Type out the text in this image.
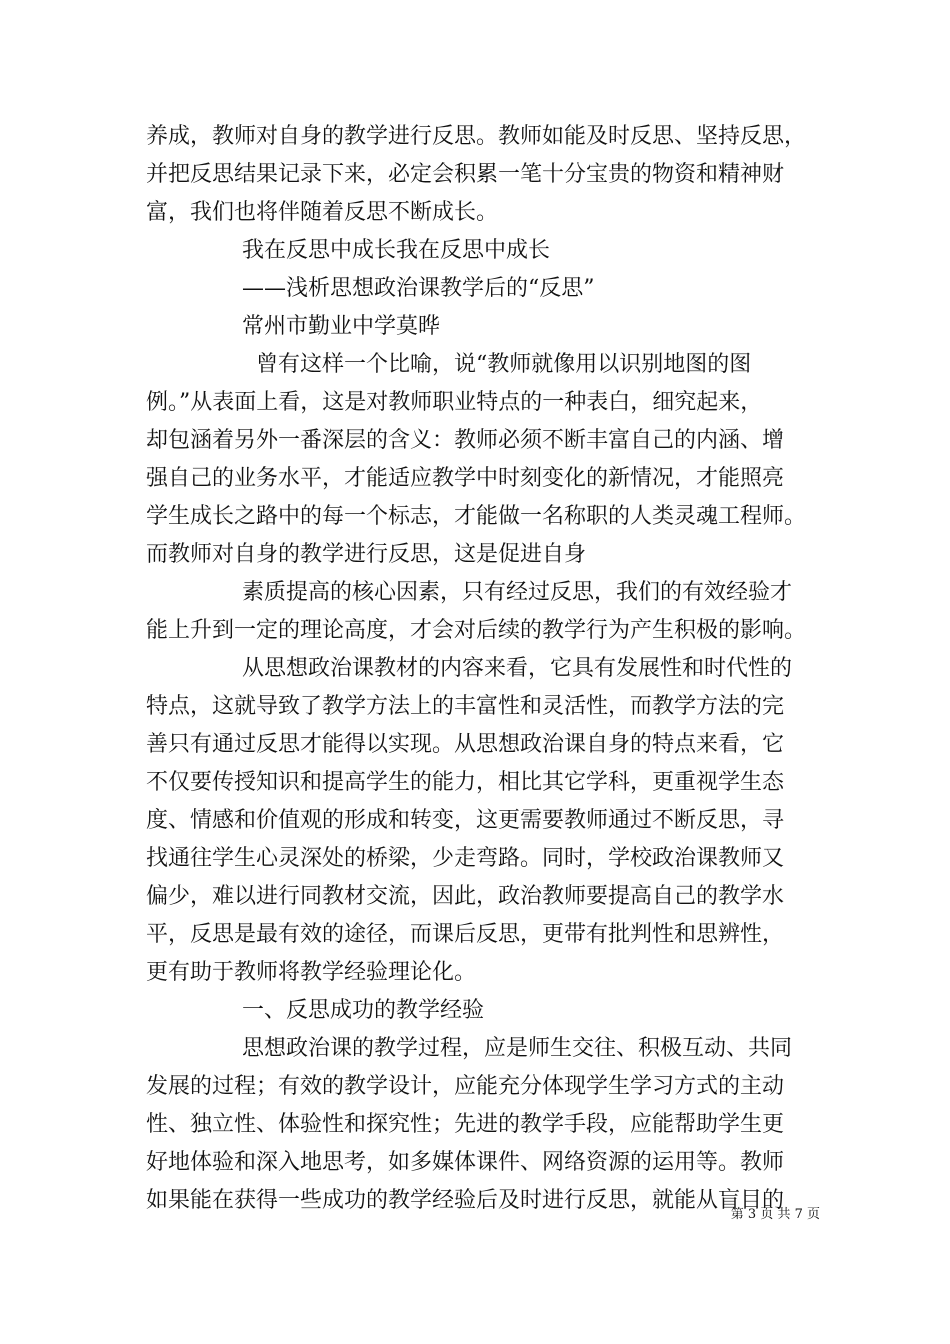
养成，教师对自身的教学进行反思。教师如能及时反思、坚持反思，
并把反思结果记录下来，必定会积累一笔十分宝贵的物资和精神财
富，我们也将伴随着反思不断成长。
我在反思中成长我在反思中成长
——浅析思想政治课教学后的“反思”
常州市勤业中学莫晔
曾有这样一个比喻，说“教师就像用以识别地图的图
例。”从表面上看，这是对教师职业特点的一种表白，细究起来，
却包涵着另外一番深层的含义：教师必须不断丰富自己的内涵、增
强自己的业务水平，才能适应教学中时刻变化的新情况，才能照亮
学生成长之路中的每一个标志，才能做一名称职的人类灵魂工程师。
而教师对自身的教学进行反思，这是促进自身
素质提高的核心因素，只有经过反思，我们的有效经验才
能上升到一定的理论高度，才会对后续的教学行为产生积极的影响。
从思想政治课教材的内容来看，它具有发展性和时代性的
特点，这就导致了教学方法上的丰富性和灵活性，而教学方法的完
善只有通过反思才能得以实现。从思想政治课自身的特点来看，它
不仅要传授知识和提高学生的能力，相比其它学科，更重视学生态
度、情感和价值观的形成和转变，这更需要教师通过不断反思，寻
找通往学生心灵深处的桥梁，少走弯路。同时，学校政治课教师又
偏少，难以进行同教材交流，因此，政治教师要提高自己的教学水
平，反思是最有效的途径，而课后反思，更带有批判性和思辨性，
更有助于教师将教学经验理论化。
一、反思成功的教学经验
思想政治课的教学过程，应是师生交往、积极互动、共同
发展的过程；有效的教学设计，应能充分体现学生学习方式的主动
性、独立性、体验性和探究性；先进的教学手段，应能帮助学生更
好地体验和深入地思考，如多媒体课件、网络资源的运用等。教师
如果能在获得一些成功的教学经验后及时进行反思，就能从盲目的
第 3 页 共 7 页
